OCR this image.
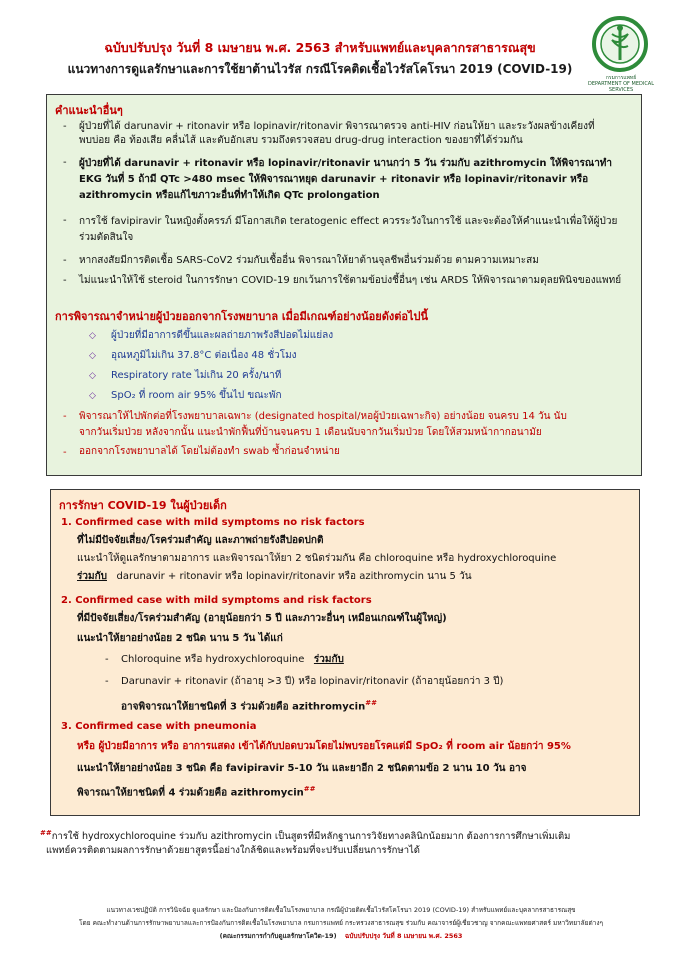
ฉบับปรับปรุง วันที่ 8 เมษายน พ.ศ. 2563 สำหรับแพทย์และบุคลากรสาธารณสุข
แนวทางการดูแลรักษาและการใช้ยาต้านไวรัส กรณีโรคติดเชื้อไวรัสโคโรนา 2019 (COVID-19)
กรมการแพทย์
DEPARTMENT OF MEDICAL SERVICES
คำแนะนำอื่นๆ
- ผู้ป่วยที่ได้ darunavir + ritonavir หรือ lopinavir/ritonavir พิจารณาตรวจ anti-HIV ก่อนให้ยา และระวังผลข้างเคียงที่
พบบ่อย คือ ท้องเสีย คลื่นไส้ และตับอักเสบ รวมถึงตรวจสอบ drug-drug interaction ของยาที่ได้ร่วมกัน
- ผู้ป่วยที่ได้ darunavir + ritonavir หรือ lopinavir/ritonavir นานกว่า 5 วัน ร่วมกับ azithromycin ให้พิจารณาทำ
EKG วันที่ 5 ถ้ามี QTc >480 msec ให้พิจารณาหยุด darunavir + ritonavir หรือ lopinavir/ritonavir หรือ
azithromycin หรือแก้ไขภาวะอื่นที่ทำให้เกิด QTc prolongation
- การใช้ favipiravir ในหญิงตั้งครรภ์ มีโอกาสเกิด teratogenic effect ควรระวังในการใช้ และจะต้องให้คำแนะนำเพื่อให้ผู้ป่วย
ร่วมตัดสินใจ
- หากสงสัยมีการติดเชื้อ SARS-CoV2 ร่วมกับเชื้ออื่น พิจารณาให้ยาต้านจุลชีพอื่นร่วมด้วย ตามความเหมาะสม
- ไม่แนะนำให้ใช้ steroid ในการรักษา COVID-19 ยกเว้นการใช้ตามข้อบ่งชี้อื่นๆ เช่น ARDS ให้พิจารณาตามดุลยพินิจของแพทย์
การพิจารณาจำหน่ายผู้ป่วยออกจากโรงพยาบาล เมื่อมีเกณฑ์อย่างน้อยดังต่อไปนี้
◇ ผู้ป่วยที่มีอาการดีขึ้นและผลถ่ายภาพรังสีปอดไม่แย่ลง
◇ อุณหภูมิไม่เกิน 37.8°C ต่อเนื่อง 48 ชั่วโมง
◇ Respiratory rate ไม่เกิน 20 ครั้ง/นาที
◇ SpO₂ ที่ room air 95% ขึ้นไป ขณะพัก
- พิจารณาให้ไปพักต่อที่โรงพยาบาลเฉพาะ (designated hospital/หอผู้ป่วยเฉพาะกิจ) อย่างน้อย จนครบ 14 วัน นับ
จากวันเริ่มป่วย หลังจากนั้น แนะนำพักฟื้นที่บ้านจนครบ 1 เดือนนับจากวันเริ่มป่วย โดยให้สวมหน้ากากอนามัย
- ออกจากโรงพยาบาลได้ โดยไม่ต้องทำ swab ซ้ำก่อนจำหน่าย
การรักษา COVID-19 ในผู้ป่วยเด็ก
1. Confirmed case with mild symptoms no risk factors
ที่ไม่มีปัจจัยเสี่ยง/โรคร่วมสำคัญ และภาพถ่ายรังสีปอดปกติ
แนะนำให้ดูแลรักษาตามอาการ และพิจารณาให้ยา 2 ชนิดร่วมกัน คือ chloroquine หรือ hydroxychloroquine
ร่วมกับ darunavir + ritonavir หรือ lopinavir/ritonavir หรือ azithromycin นาน 5 วัน
2. Confirmed case with mild symptoms and risk factors
ที่มีปัจจัยเสี่ยง/โรคร่วมสำคัญ (อายุน้อยกว่า 5 ปี และภาวะอื่นๆ เหมือนเกณฑ์ในผู้ใหญ่)
แนะนำให้ยาอย่างน้อย 2 ชนิด นาน 5 วัน ได้แก่
- Chloroquine หรือ hydroxychloroquine ร่วมกับ
- Darunavir + ritonavir (ถ้าอายุ >3 ปี) หรือ lopinavir/ritonavir (ถ้าอายุน้อยกว่า 3 ปี)
อาจพิจารณาให้ยาชนิดที่ 3 ร่วมด้วยคือ azithromycin##
3. Confirmed case with pneumonia
หรือ ผู้ป่วยมีอาการ หรือ อาการแสดง เข้าได้กับปอดบวมโดยไม่พบรอยโรคแต่มี SpO₂ ที่ room air น้อยกว่า 95%
แนะนำให้ยาอย่างน้อย 3 ชนิด คือ favipiravir 5-10 วัน และยาอีก 2 ชนิดตามข้อ 2 นาน 10 วัน อาจ
พิจารณาให้ยาชนิดที่ 4 ร่วมด้วยคือ azithromycin##
##การใช้ hydroxychloroquine ร่วมกับ azithromycin เป็นสูตรที่มีหลักฐานการวิจัยทางคลินิกน้อยมาก ต้องการการศึกษาเพิ่มเติม
แพทย์ควรติดตามผลการรักษาด้วยยาสูตรนี้อย่างใกล้ชิดและพร้อมที่จะปรับเปลี่ยนการรักษาได้
แนวทางเวชปฏิบัติ การวินิจฉัย ดูแลรักษา และป้องกันการติดเชื้อในโรงพยาบาล กรณีผู้ป่วยติดเชื้อไวรัสโคโรนา 2019 (COVID-19) สำหรับแพทย์และบุคลากรสาธารณสุข
โดย คณะทำงานด้านการรักษาพยาบาลและการป้องกันการติดเชื้อในโรงพยาบาล กรมการแพทย์ กระทรวงสาธารณสุข ร่วมกับ คณาจารย์ผู้เชี่ยวชาญ จากคณะแพทยศาสตร์ มหาวิทยาลัยต่างๆ
(คณะกรรมการกำกับดูแลรักษาโควิด-19) ฉบับปรับปรุง วันที่ 8 เมษายน พ.ศ. 2563
